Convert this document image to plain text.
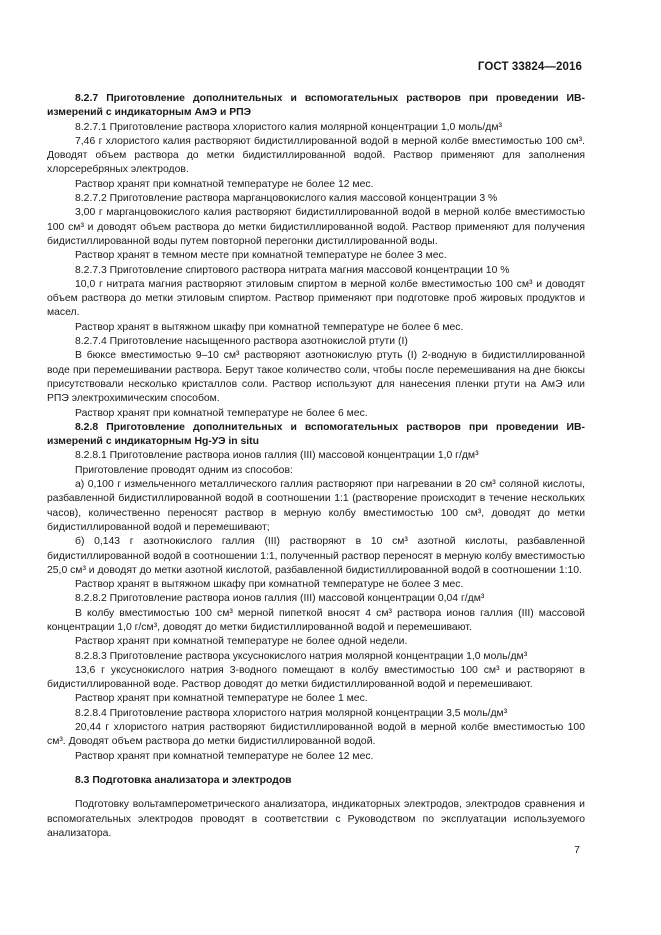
ГОСТ 33824—2016

8.2.7 Приготовление дополнительных и вспомогательных растворов при проведении ИВ-измерений с индикаторным АмЭ и РПЭ

8.2.7.1 Приготовление раствора хлористого калия молярной концентрации 1,0 моль/дм³

7,46 г хлористого калия растворяют бидистиллированной водой в мерной колбе вместимостью 100 см³. Доводят объем раствора до метки бидистиллированной водой. Раствор применяют для заполнения хлорсеребряных электродов.

Раствор хранят при комнатной температуре не более 12 мес.

8.2.7.2 Приготовление раствора марганцовокислого калия массовой концентрации 3 %

3,00 г марганцовокислого калия растворяют бидистиллированной водой в мерной колбе вместимостью 100 см³ и доводят объем раствора до метки бидистиллированной водой. Раствор применяют для получения бидистиллированной воды путем повторной перегонки дистиллированной воды.

Раствор хранят в темном месте при комнатной температуре не более 3 мес.

8.2.7.3 Приготовление спиртового раствора нитрата магния массовой концентрации 10 %

10,0 г нитрата магния растворяют этиловым спиртом в мерной колбе вместимостью 100 см³ и доводят объем раствора до метки этиловым спиртом. Раствор применяют при подготовке проб жировых продуктов и масел.

Раствор хранят в вытяжном шкафу при комнатной температуре не более 6 мес.

8.2.7.4 Приготовление насыщенного раствора азотнокислой ртути (I)

В бюксе вместимостью 9–10 см³ растворяют азотнокислую ртуть (I) 2-водную в бидистиллированной воде при перемешивании раствора. Берут такое количество соли, чтобы после перемешивания на дне бюксы присутствовали несколько кристаллов соли. Раствор используют для нанесения пленки ртути на АмЭ или РПЭ электрохимическим способом.

Раствор хранят при комнатной температуре не более 6 мес.

8.2.8 Приготовление дополнительных и вспомогательных растворов при проведении ИВ-измерений с индикаторным Hg-УЭ in situ

8.2.8.1 Приготовление раствора ионов галлия (III) массовой концентрации 1,0 г/дм³

Приготовление проводят одним из способов:

а) 0,100 г измельченного металлического галлия растворяют при нагревании в 20 см³ соляной кислоты, разбавленной бидистиллированной водой в соотношении 1:1 (растворение происходит в течение нескольких часов), количественно переносят раствор в мерную колбу вместимостью 100 см³, доводят до метки бидистиллированной водой и перемешивают;

б) 0,143 г азотнокислого галлия (III) растворяют в 10 см³ азотной кислоты, разбавленной бидистиллированной водой в соотношении 1:1, полученный раствор переносят в мерную колбу вместимостью 25,0 см³ и доводят до метки азотной кислотой, разбавленной бидистиллированной водой в соотношении 1:10.

Раствор хранят в вытяжном шкафу при комнатной температуре не более 3 мес.

8.2.8.2 Приготовление раствора ионов галлия (III) массовой концентрации 0,04 г/дм³

В колбу вместимостью 100 см³ мерной пипеткой вносят 4 см³ раствора ионов галлия (III) массовой концентрации 1,0 г/см³, доводят до метки бидистиллированной водой и перемешивают.

Раствор хранят при комнатной температуре не более одной недели.

8.2.8.3 Приготовление раствора уксуснокислого натрия молярной концентрации 1,0 моль/дм³

13,6 г уксуснокислого натрия 3-водного помещают в колбу вместимостью 100 см³ и растворяют в бидистиллированной воде. Раствор доводят до метки бидистиллированной водой и перемешивают.

Раствор хранят при комнатной температуре не более 1 мес.

8.2.8.4 Приготовление раствора хлористого натрия молярной концентрации 3,5 моль/дм³

20,44 г хлористого натрия растворяют бидистиллированной водой в мерной колбе вместимостью 100 см³. Доводят объем раствора до метки бидистиллированной водой.

Раствор хранят при комнатной температуре не более 12 мес.

8.3 Подготовка анализатора и электродов

Подготовку вольтамперометрического анализатора, индикаторных электродов, электродов сравнения и вспомогательных электродов проводят в соответствии с Руководством по эксплуатации используемого анализатора.

7
